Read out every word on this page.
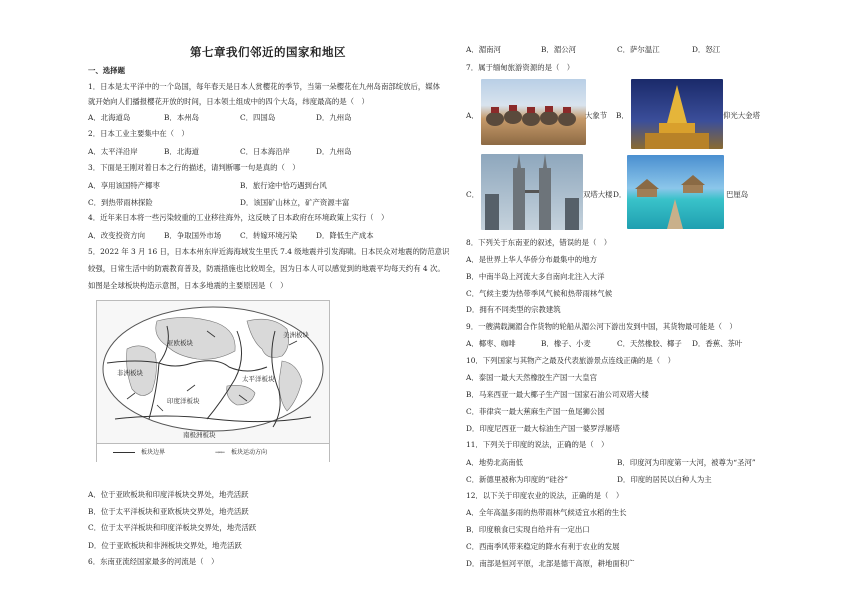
第七章我们邻近的国家和地区
一、选择题
1．日本是太平洋中的一个岛国，每年春天是日本人赏樱花的季节，当第一朵樱花在九州岛南部绽放后，媒体
就开始向人们播报樱花开放的时间，日本领土组成中的四个大岛，纬度最高的是（　）
A．北海道岛	B．本州岛	C．四国岛	D．九州岛
2．日本工业主要集中在（　）
A．太平洋沿岸	B．北海道	C．日本海沿岸	D．九州岛
3．下面是王刚对着日本之行的描述，请判断哪一句是真的（　）
A．享用该国特产椰枣	B．旅行途中恰巧遇到台风
C．到热带雨林探险	D．该国矿山林立，矿产资源丰富
4．近年来日本将一些污染较重的工业移往海外，这反映了日本政府在环境政策上实行（　）
A．改变投资方向	B．争取国外市场	C．转嫁环境污染	D．降低生产成本
5．2022 年 3 月 16 日，日本本州东岸近海海域发生里氏 7.4 级地震并引发海啸。日本民众对地震的防范意识
较强，日常生活中的防震教育普及，防震措施也比较周全，因为日本人可以感觉到的地震平均每天约有 4 次。
如图是全球板块构造示意图，日本多地震的主要原因是（　）
亚欧板块
非洲板块
印度洋板块
太平洋板块
美洲板块
南极洲板块
板块边界	→← 板块运动方向
A．位于亚欧板块和印度洋板块交界处，地壳活跃
B．位于太平洋板块和亚欧板块交界处，地壳活跃
C．位于太平洋板块和印度洋板块交界处，地壳活跃
D．位于亚欧板块和非洲板块交界处，地壳活跃
6．东南亚流经国家最多的河流是（　）
A．湄南河	B．湄公河	C．萨尔温江	D．怒江
7．属于缅甸旅游资源的是（　）
A．	大象节 B．	仰光大金塔
C．	双塔大楼 D．	巴厘岛
8．下列关于东南亚的叙述，错误的是（　）
A．是世界上华人华侨分布最集中的地方
B．中南半岛上河流大多自南向北注入大洋
C．气候主要为热带季风气候和热带雨林气候
D．拥有不同类型的宗教建筑
9．一艘满载澜湄合作货物的轮船从湄公河下游出发到中国，其货物最可能是（　）
A．椰枣、咖啡	B．橡子、小麦	C．天然橡胶、椰子 D．香蕉、茶叶
10．下列国家与其物产之最及代表旅游景点连线正确的是（　）
A．泰国一最大天然橡胶生产国一大皇宫
B．马来西亚一最大椰子生产国一国家石油公司双塔大楼
C．菲律宾一最大蕉麻生产国一鱼尾狮公园
D．印度尼西亚一最大棕油生产国一婆罗浮屠塔
11．下列关于印度的说法，正确的是（　）
A．地势北高南低	B．印度河为印度第一大河，被尊为“圣河”
C．新德里被称为印度的“硅谷”	D．印度的居民以白种人为主
12．以下关于印度农业的说法，正确的是（　）
A．全年高温多雨的热带雨林气候适宜水稻的生长
B．印度粮食已实现自给并有一定出口
C．西南季风带来稳定的降水有利于农业的发展
D．南部是恒河平原，北部是德干高原，耕地面积广
